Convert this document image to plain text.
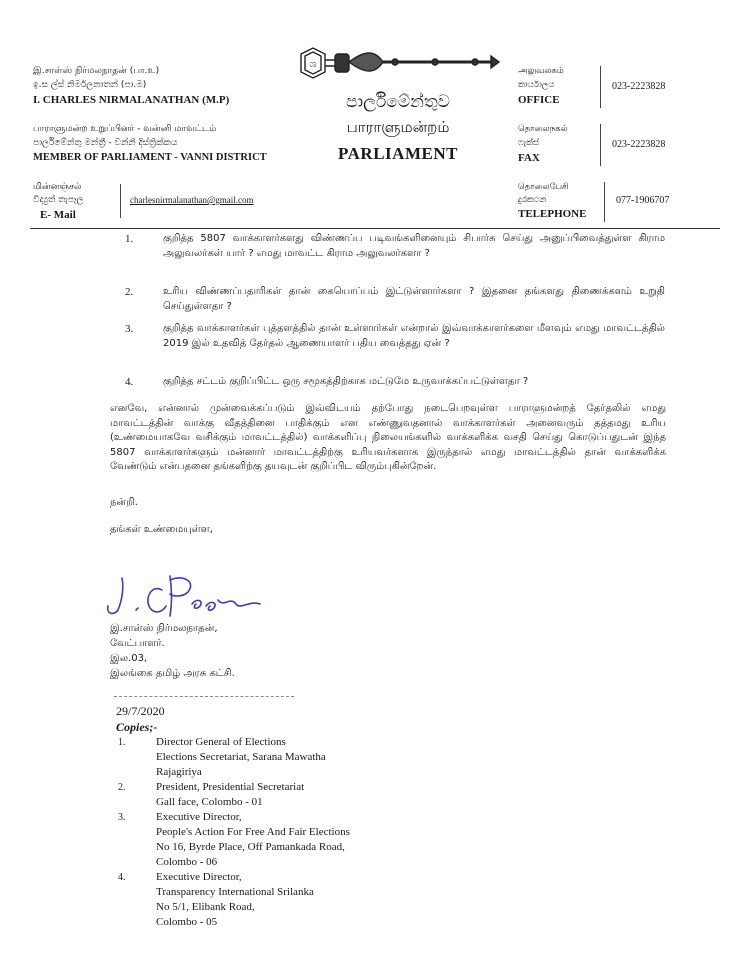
இ.சாள்ஸ் நிர்மலநாதன் (பா.உ)
ඉ.ස ල්ස් නිර්මලනාතන් (පා.ම)
I. CHARLES NIRMALANATHAN (M.P)
பாராளுமன்ற உறுப்பினர் - வன்னி மாவட்டம்
පාර්ලිමේන්තු මන්ත්‍රී - වන්නි දිස්ත්‍රික්කය
MEMBER OF PARLIAMENT - VANNI DISTRICT
மின்னஞ்சல்
විද්‍යුත් තැපෑල
E- Mail
charlesnirmalanathan@gmail.com
ශ
පාර්ලිමේන්තුව
பாராளுமன்றம்
PARLIAMENT
அலுவலகம்
කාර්යාලය
OFFICE
023-2223828
தொலைநகல்
ෆැක්ස්
FAX
023-2223828
தொலைபேசி
දුරකථන
TELEPHONE
077-1906707
1.	குறித்த 5807 வாக்காளர்களது விண்ணப்ப படிவங்களினையும் சிபார்சு செய்து அனுப்பிவைத்துள்ள கிராம அலுவலர்கள் யார் ? எமது மாவட்ட கிராம அலுவலர்களா ?
2.	உரிய விண்ணப்பதாரிகள் தான் கையொப்பம் இட்டுள்ளார்களா ? இதனை தங்களது திணைக்களம் உறுதி செய்துள்ளதா ?
3.	குறித்த வாக்காளர்கள் புத்தளத்தில் தான் உள்ளார்கள் என்றால் இவ்வாக்காளர்களை மீளவும் எமது மாவட்டத்தில் 2019 இல் உதவித் தேர்தல் ஆணையாளர் பதிய வைத்தது ஏன் ?
4.	குறித்த சட்டம் குறிப்பிட்ட ஒரு சமூகத்திற்காக மட்டுமே உருவாக்கப்பட்டுள்ளதா ?
எனவே, என்னால் முன்வைக்கப்படும் இவ்விடயம் தற்போது நடைபெறவுள்ள பாராளுமன்றத் தேர்தலில் எமது மாவட்டத்தின் வாக்கு வீதத்தினை பாதிக்கும் என எண்ணுவதனால் வாக்காளர்கள் அனைவரும் தத்தமது உரிய (உண்மையாகவே வசிக்கும் மாவட்டத்தில்) வாக்களிப்பு நிலையங்களில் வாக்களிக்க வசதி செய்து கொடுப்பதுடன் இந்த 5807 வாக்காளர்களும் மன்னார் மாவட்டத்திற்கு உரியவர்களாக இருந்தால் எமது மாவட்டத்தில் தான் வாக்களிக்க வேண்டும் என்பதனை தங்களிற்கு தயவுடன் குறிப்பிட விரும்புகின்றேன்.
நன்றி.
தங்கள் உண்மையுள்ள,
இ.சாள்ஸ் நிர்மலநாதன்,
வேட்பாளர்.
இல.03,
இலங்கை தமிழ் அரசு கட்சி.
29/7/2020
Copies;-
1.	Director General of Elections
Elections Secretariat, Sarana Mawatha
Rajagiriya
2.	President, Presidential Secretariat
Gall face, Colombo - 01
3.	Executive Director,
People's Action For Free And Fair Elections
No 16, Byrde Place, Off Pamankada Road,
Colombo - 06
4.	Executive Director,
Transparency International Srilanka
No 5/1, Elibank Road,
Colombo - 05
